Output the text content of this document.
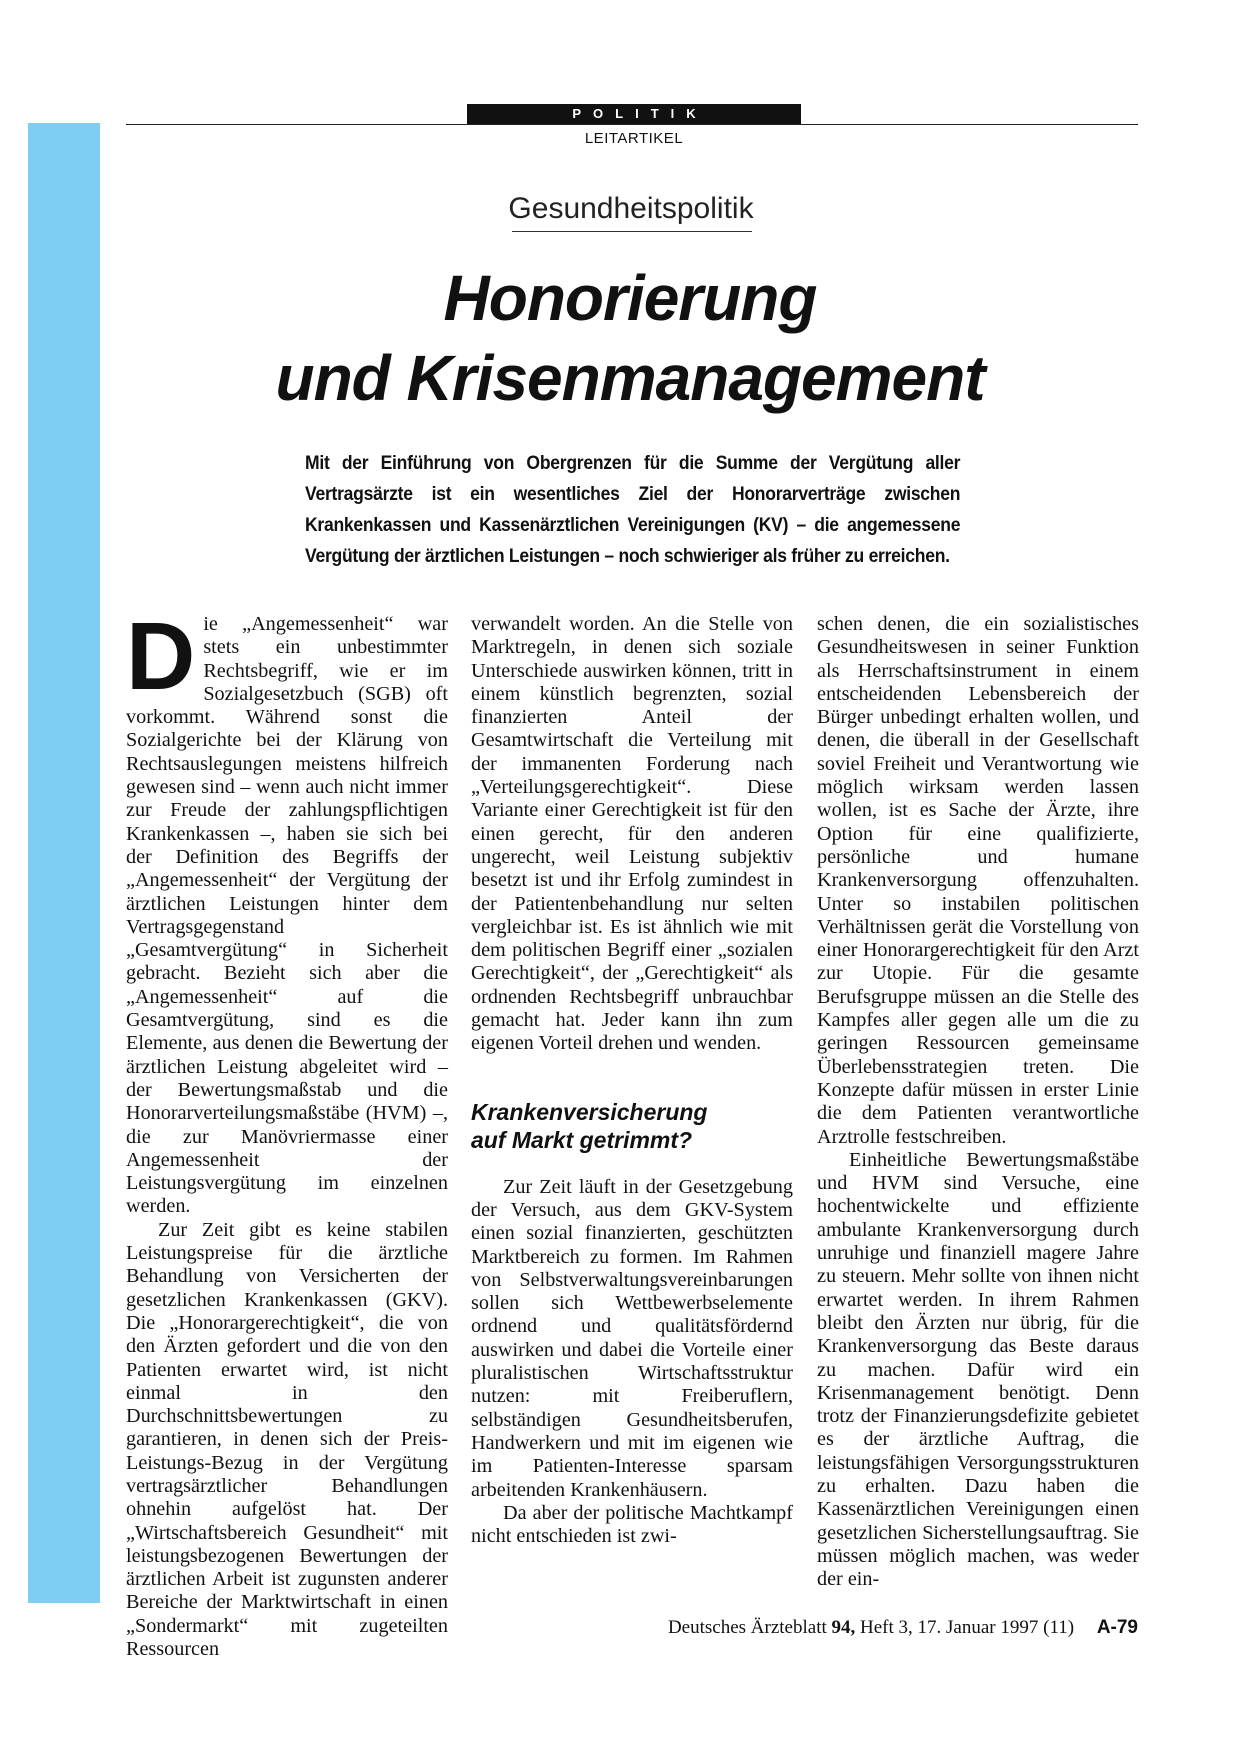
POLITIK
LEITARTIKEL
Gesundheitspolitik
Honorierung
und Krisenmanagement
Mit der Einführung von Obergrenzen für die Summe der Vergütung aller Vertragsärzte ist ein wesentliches Ziel der Honorarverträge zwischen Krankenkassen und Kassenärztlichen Vereinigungen (KV) – die angemessene Vergütung der ärztlichen Leistungen – noch schwieriger als früher zu erreichen.
D ie „Angemessenheit“ war stets ein unbestimmter Rechtsbegriff, wie er im Sozialgesetzbuch (SGB) oft vorkommt. Während sonst die Sozialgerichte bei der Klärung von Rechtsauslegungen meistens hilfreich gewesen sind – wenn auch nicht immer zur Freude der zahlungspflichtigen Krankenkassen –, haben sie sich bei der Definition des Begriffs der „Angemessenheit“ der Vergütung der ärztlichen Leistungen hinter dem Vertragsgegenstand „Gesamtvergütung“ in Sicherheit gebracht. Bezieht sich aber die „Angemessenheit“ auf die Gesamtvergütung, sind es die Elemente, aus denen die Bewertung der ärztlichen Leistung abgeleitet wird – der Bewertungsmaßstab und die Honorarverteilungsmaßstäbe (HVM) –, die zur Manövriermasse einer Angemessenheit der Leistungsvergütung im einzelnen werden.

Zur Zeit gibt es keine stabilen Leistungspreise für die ärztliche Behandlung von Versicherten der gesetzlichen Krankenkassen (GKV). Die „Honorargerechtigkeit“, die von den Ärzten gefordert und die von den Patienten erwartet wird, ist nicht einmal in den Durchschnittsbewertungen zu garantieren, in denen sich der Preis-Leistungs-Bezug in der Vergütung vertragsärztlicher Behandlungen ohnehin aufgelöst hat. Der „Wirtschaftsbereich Gesundheit“ mit leistungsbezogenen Bewertungen der ärztlichen Arbeit ist zugunsten anderer Bereiche der Marktwirtschaft in einen „Sondermarkt“ mit zugeteilten Ressourcen

verwandelt worden. An die Stelle von Marktregeln, in denen sich soziale Unterschiede auswirken können, tritt in einem künstlich begrenzten, sozial finanzierten Anteil der Gesamtwirtschaft die Verteilung mit der immanenten Forderung nach „Verteilungsgerechtigkeit“. Diese Variante einer Gerechtigkeit ist für den einen gerecht, für den anderen ungerecht, weil Leistung subjektiv besetzt ist und ihr Erfolg zumindest in der Patientenbehandlung nur selten vergleichbar ist. Es ist ähnlich wie mit dem politischen Begriff einer „sozialen Gerechtigkeit“, der „Gerechtigkeit“ als ordnenden Rechtsbegriff unbrauchbar gemacht hat. Jeder kann ihn zum eigenen Vorteil drehen und wenden.

Krankenversicherung
auf Markt getrimmt?

Zur Zeit läuft in der Gesetzgebung der Versuch, aus dem GKV-System einen sozial finanzierten, geschützten Marktbereich zu formen. Im Rahmen von Selbstverwaltungsvereinbarungen sollen sich Wettbewerbselemente ordnend und qualitätsfördernd auswirken und dabei die Vorteile einer pluralistischen Wirtschaftsstruktur nutzen: mit Freiberuflern, selbständigen Gesundheitsberufen, Handwerkern und mit im eigenen wie im Patienten-Interesse sparsam arbeitenden Krankenhäusern.

Da aber der politische Machtkampf nicht entschieden ist zwi-

schen denen, die ein sozialistisches Gesundheitswesen in seiner Funktion als Herrschaftsinstrument in einem entscheidenden Lebensbereich der Bürger unbedingt erhalten wollen, und denen, die überall in der Gesellschaft soviel Freiheit und Verantwortung wie möglich wirksam werden lassen wollen, ist es Sache der Ärzte, ihre Option für eine qualifizierte, persönliche und humane Krankenversorgung offenzuhalten. Unter so instabilen politischen Verhältnissen gerät die Vorstellung von einer Honorargerechtigkeit für den Arzt zur Utopie. Für die gesamte Berufsgruppe müssen an die Stelle des Kampfes aller gegen alle um die zu geringen Ressourcen gemeinsame Überlebensstrategien treten. Die Konzepte dafür müssen in erster Linie die dem Patienten verantwortliche Arztrolle festschreiben.

Einheitliche Bewertungsmaßstäbe und HVM sind Versuche, eine hochentwickelte und effiziente ambulante Krankenversorgung durch unruhige und finanziell magere Jahre zu steuern. Mehr sollte von ihnen nicht erwartet werden. In ihrem Rahmen bleibt den Ärzten nur übrig, für die Krankenversorgung das Beste daraus zu machen. Dafür wird ein Krisenmanagement benötigt. Denn trotz der Finanzierungsdefizite gebietet es der ärztliche Auftrag, die leistungsfähigen Versorgungsstrukturen zu erhalten. Dazu haben die Kassenärztlichen Vereinigungen einen gesetzlichen Sicherstellungsauftrag. Sie müssen möglich machen, was weder der ein-

Deutsches Ärzteblatt 94, Heft 3, 17. Januar 1997 (11) A-79
